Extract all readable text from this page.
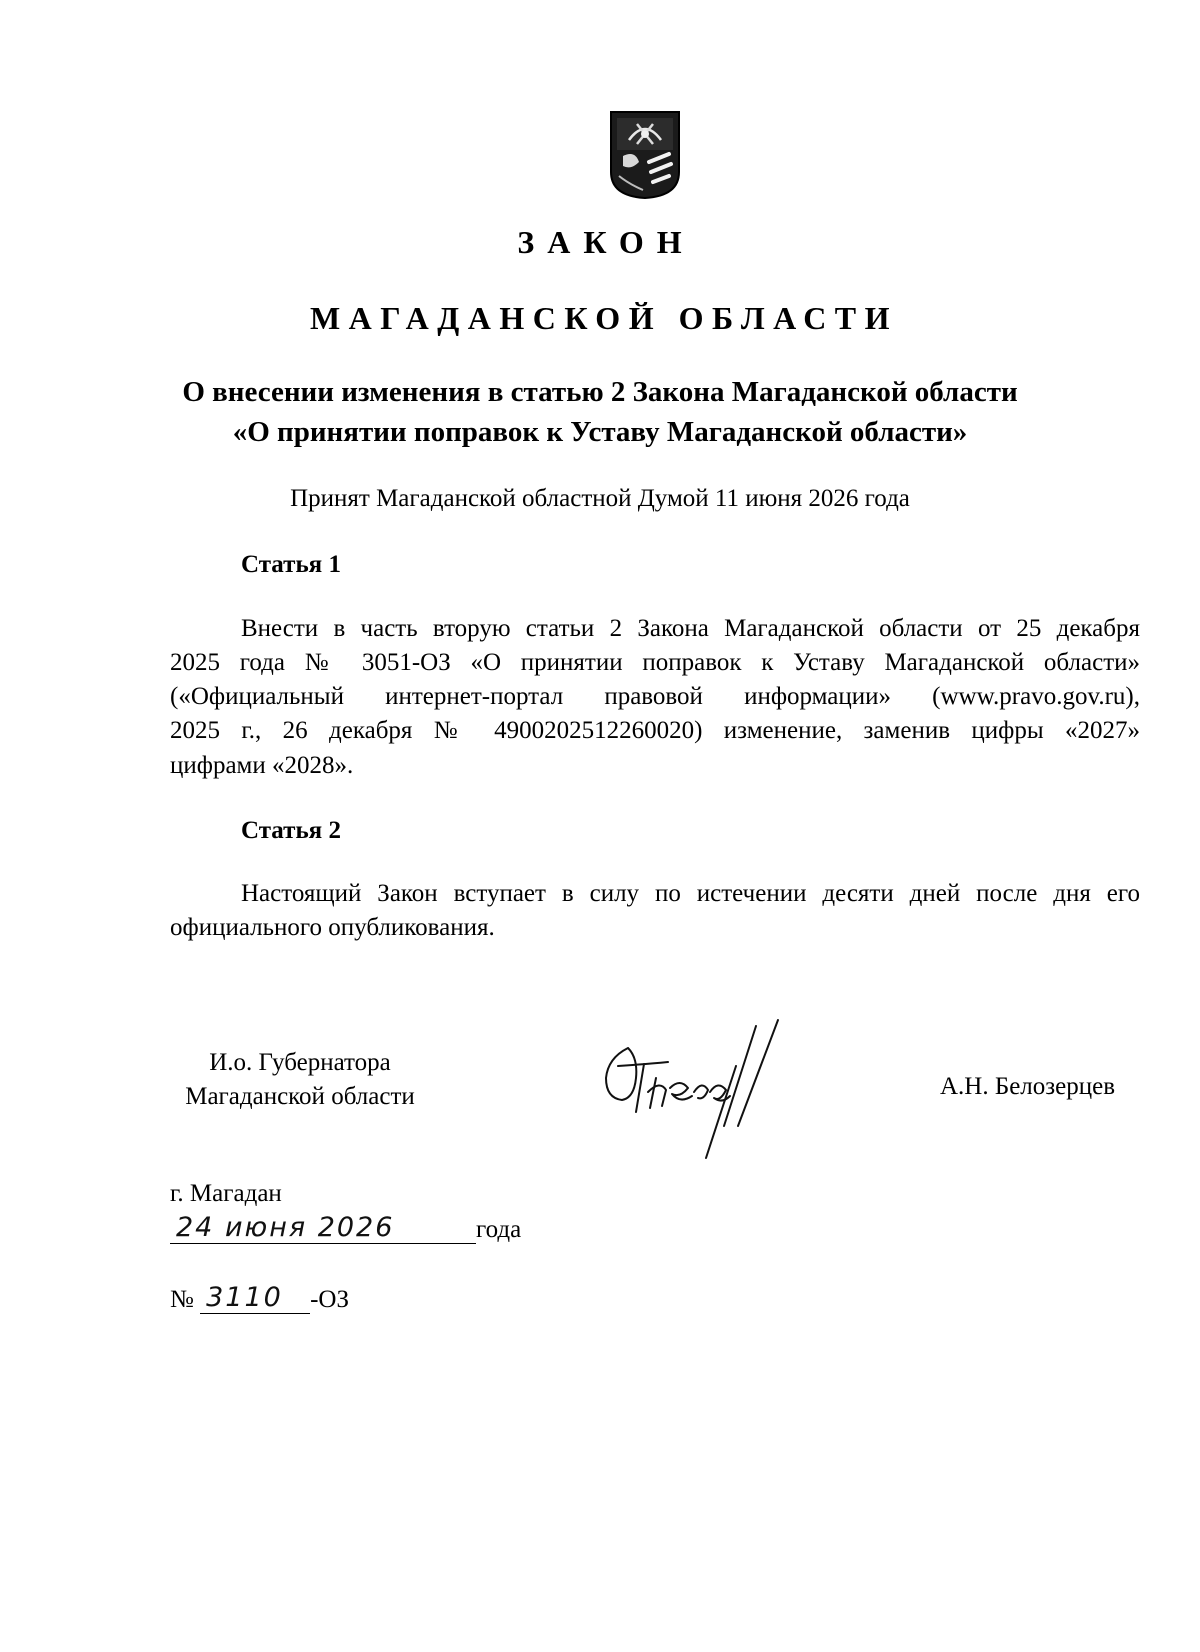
ЗАКОН
МАГАДАНСКОЙ ОБЛАСТИ
О внесении изменения в статью 2 Закона Магаданской области
«О принятии поправок к Уставу Магаданской области»
Принят Магаданской областной Думой 11 июня 2026 года
Статья 1
Внести в часть вторую статьи 2 Закона Магаданской области от 25 декабря
2025 года № 3051-ОЗ «О принятии поправок к Уставу Магаданской области»
(«Официальный интернет-портал правовой информации» (www.pravo.gov.ru),
2025 г., 26 декабря № 4900202512260020) изменение, заменив цифры «2027»
цифрами «2028».
Статья 2
Настоящий Закон вступает в силу по истечении десяти дней после дня его
официального опубликования.
И.о. Губернатора
Магаданской области	А.Н. Белозерцев
г. Магадан
24 июня 2026	года
№ 3110 -ОЗ
